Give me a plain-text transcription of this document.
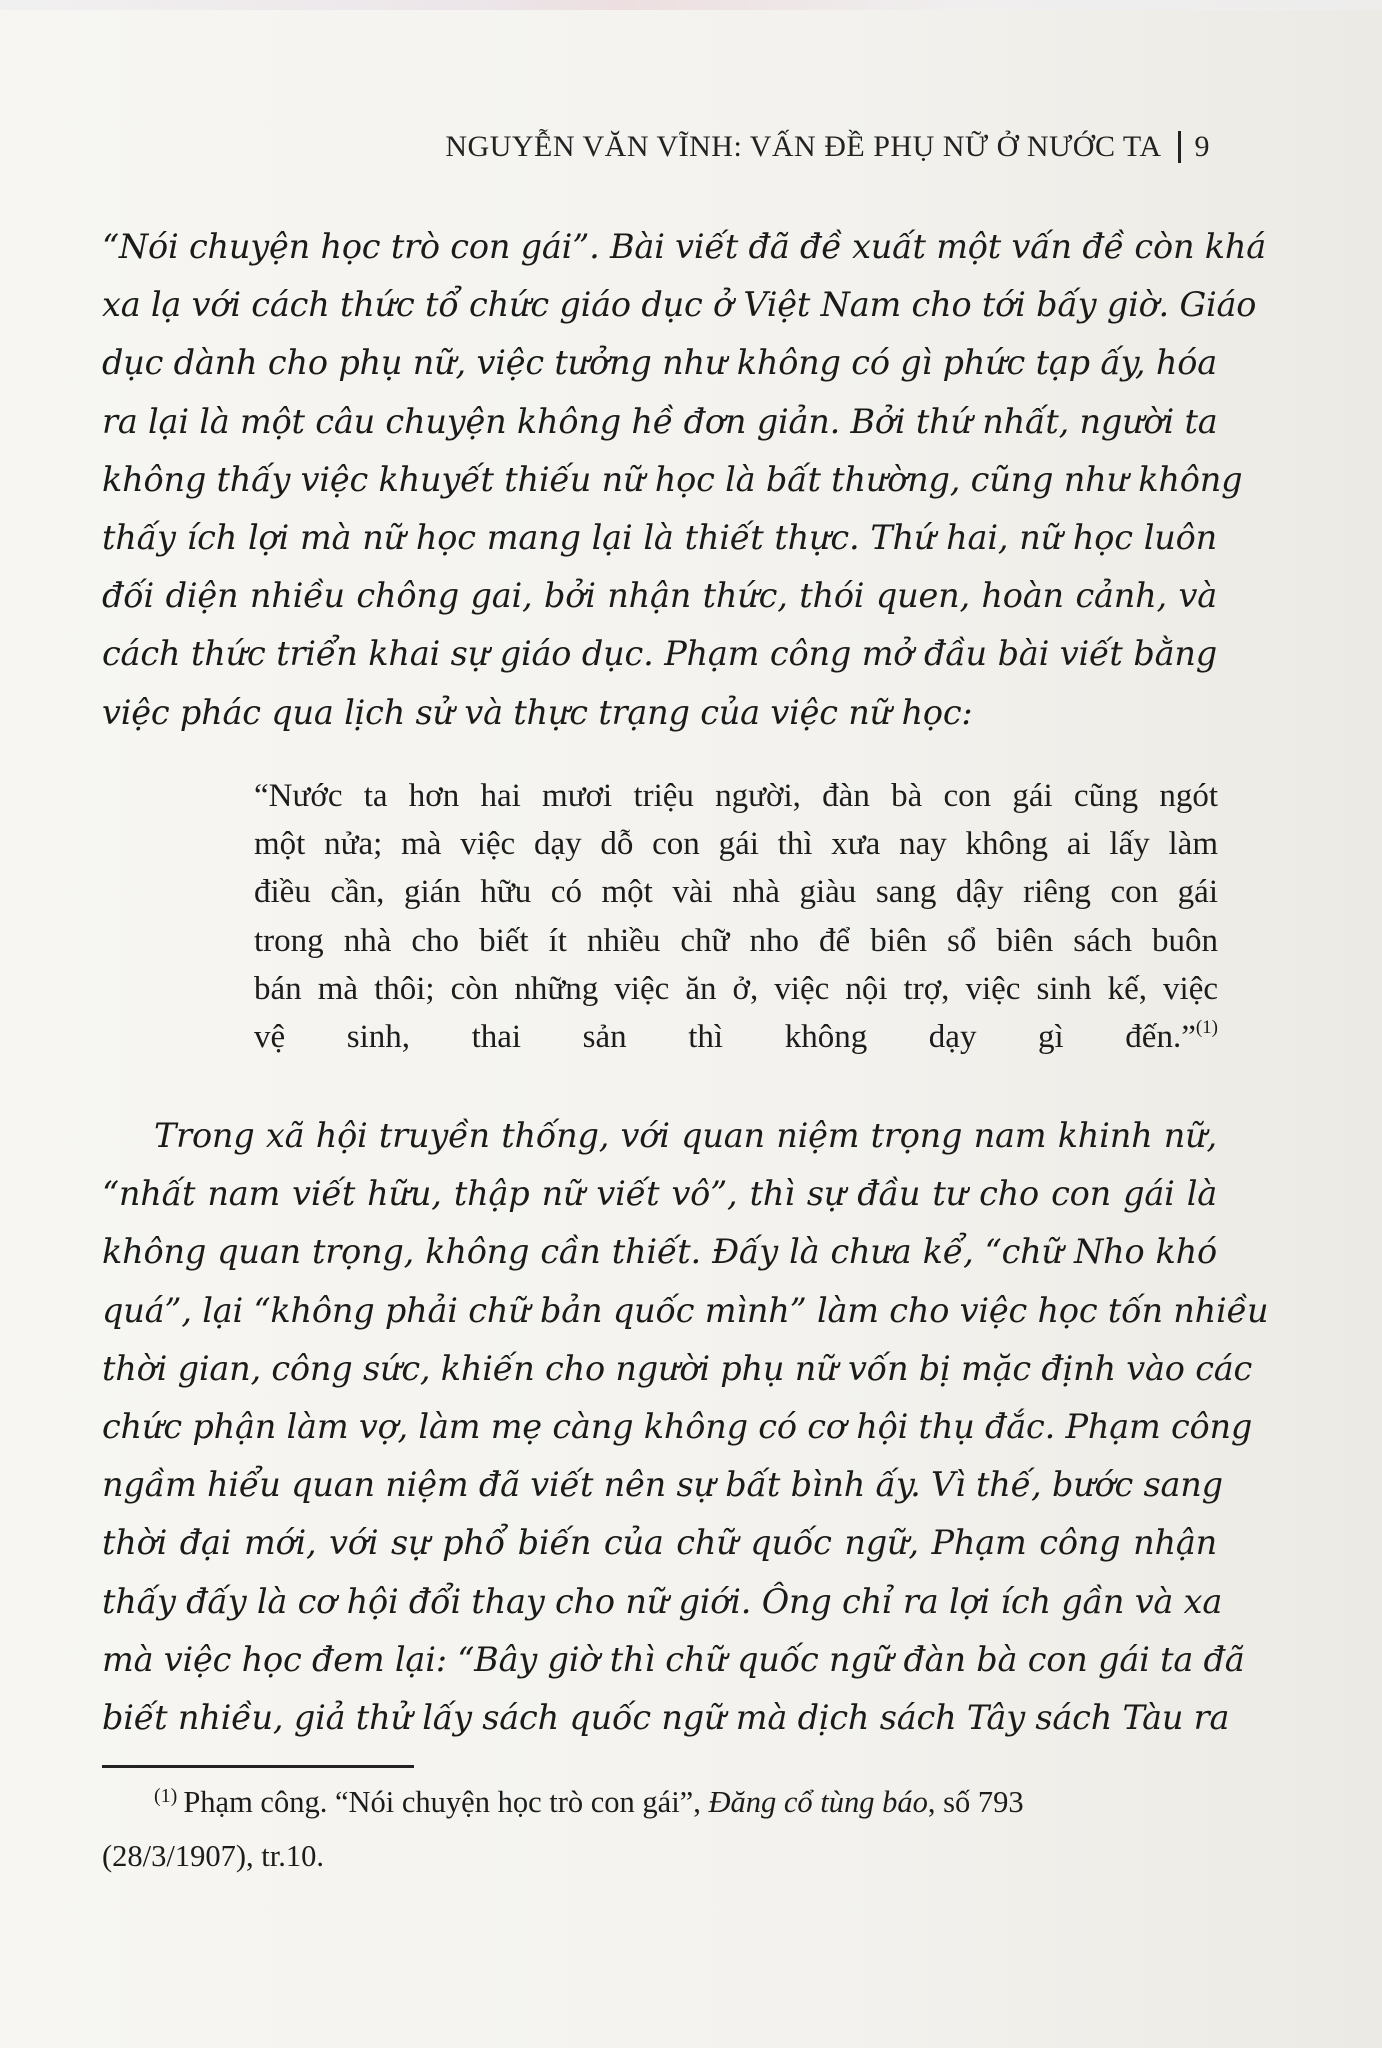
NGUYỄN VĂN VĨNH: VẤN ĐỀ PHỤ NỮ Ở NƯỚC TA 9
“Nói chuyện học trò con gái”. Bài viết đã đề xuất một vấn đề còn khá
xa lạ với cách thức tổ chức giáo dục ở Việt Nam cho tới bấy giờ. Giáo
dục dành cho phụ nữ, việc tưởng như không có gì phức tạp ấy, hóa
ra lại là một câu chuyện không hề đơn giản. Bởi thứ nhất, người ta
không thấy việc khuyết thiếu nữ học là bất thường, cũng như không
thấy ích lợi mà nữ học mang lại là thiết thực. Thứ hai, nữ học luôn
đối diện nhiều chông gai, bởi nhận thức, thói quen, hoàn cảnh, và
cách thức triển khai sự giáo dục. Phạm công mở đầu bài viết bằng
việc phác qua lịch sử và thực trạng của việc nữ học:
“Nước ta hơn hai mươi triệu người, đàn bà con gái cũng ngót
một nửa; mà việc dạy dỗ con gái thì xưa nay không ai lấy làm
điều cần, gián hữu có một vài nhà giàu sang dậy riêng con gái
trong nhà cho biết ít nhiều chữ nho để biên sổ biên sách buôn
bán mà thôi; còn những việc ăn ở, việc nội trợ, việc sinh kế, việc
vệ sinh, thai sản thì không dạy gì đến.”$^{(1)}$
Trong xã hội truyền thống, với quan niệm trọng nam khinh nữ,
“nhất nam viết hữu, thập nữ viết vô”, thì sự đầu tư cho con gái là
không quan trọng, không cần thiết. Đấy là chưa kể, “chữ Nho khó
quá”, lại “không phải chữ bản quốc mình” làm cho việc học tốn nhiều
thời gian, công sức, khiến cho người phụ nữ vốn bị mặc định vào các
chức phận làm vợ, làm mẹ càng không có cơ hội thụ đắc. Phạm công
ngầm hiểu quan niệm đã viết nên sự bất bình ấy. Vì thế, bước sang
thời đại mới, với sự phổ biến của chữ quốc ngữ, Phạm công nhận
thấy đấy là cơ hội đổi thay cho nữ giới. Ông chỉ ra lợi ích gần và xa
mà việc học đem lại: “Bây giờ thì chữ quốc ngữ đàn bà con gái ta đã
biết nhiều, giả thử lấy sách quốc ngữ mà dịch sách Tây sách Tàu ra
$^{(1)}$ Phạm công. “Nói chuyện học trò con gái”, Đăng cổ tùng báo, số 793
(28/3/1907), tr.10.
